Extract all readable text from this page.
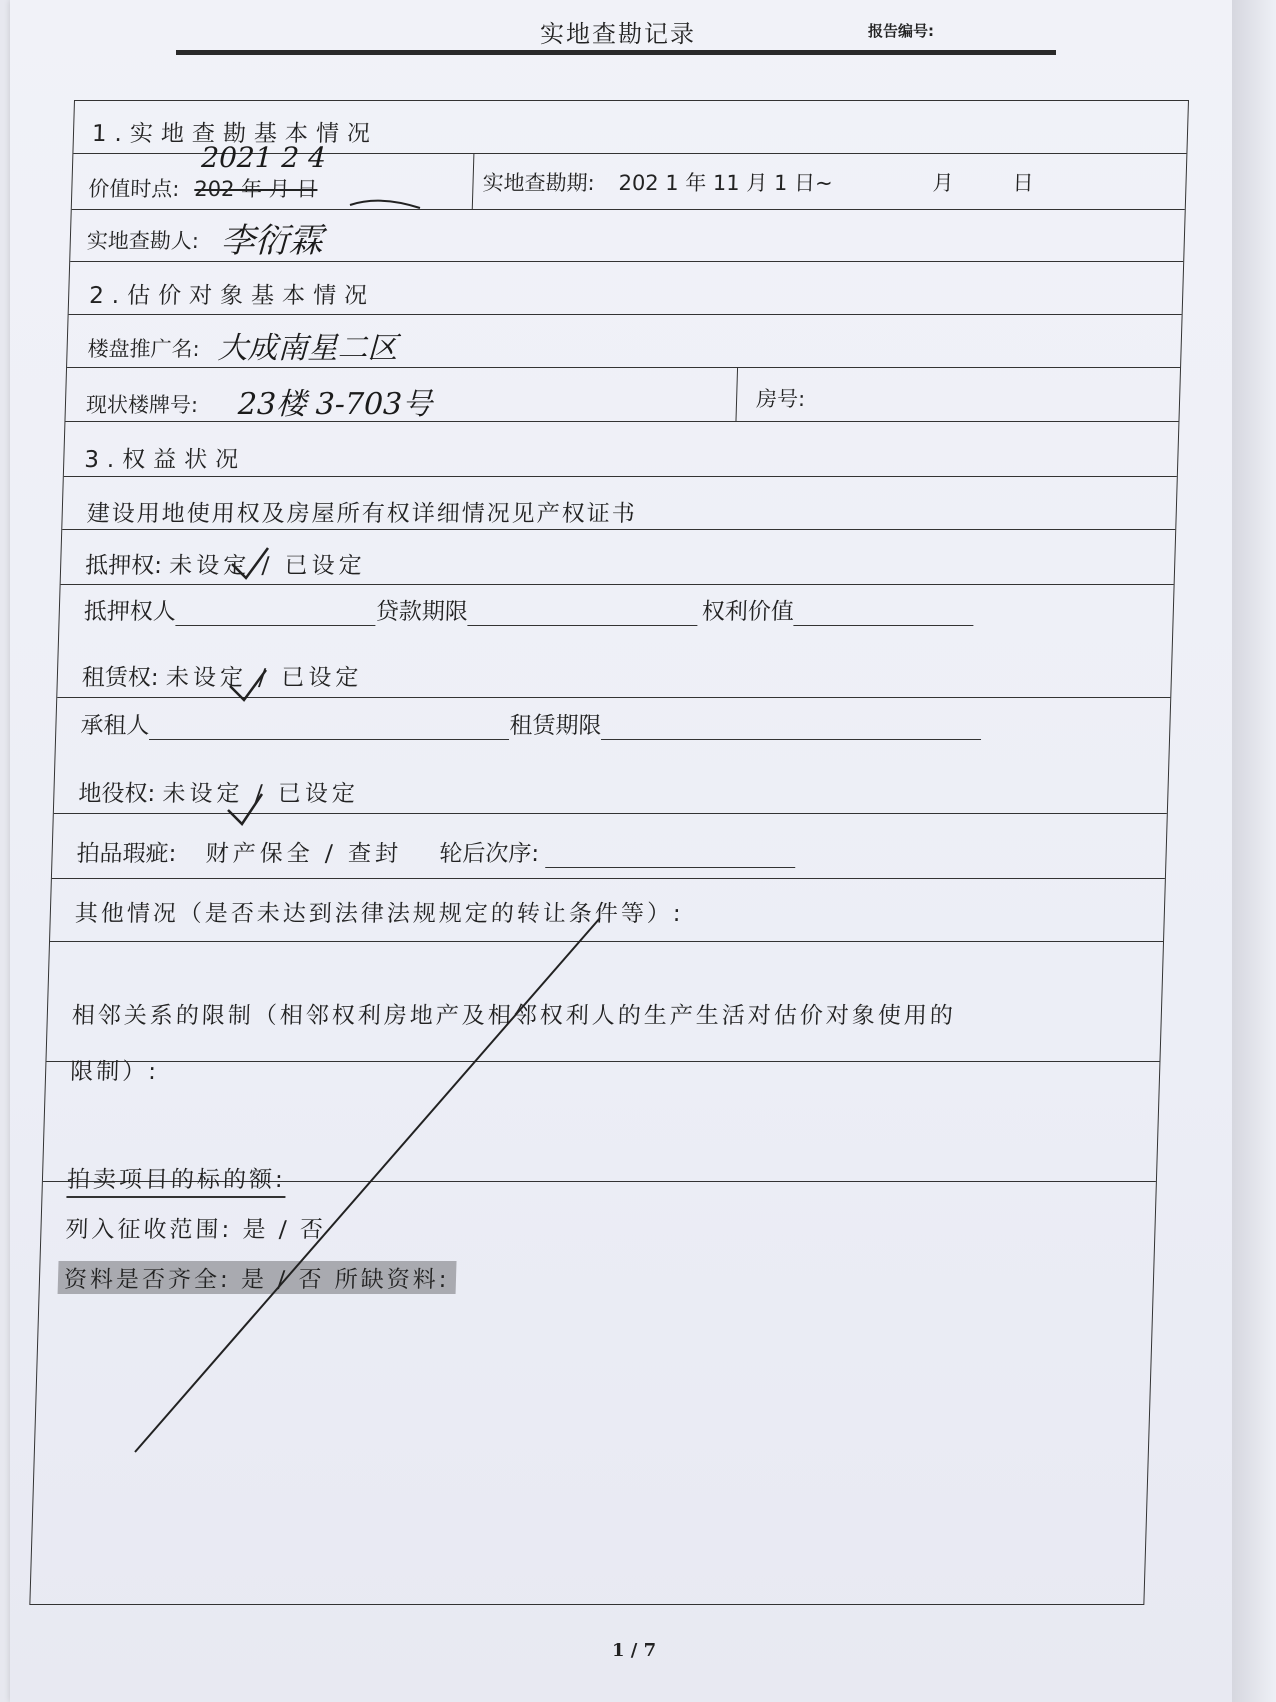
实地查勘记录	报告编号:
1.实地查勘基本情况
价值时点: 202 年 月 日
2021 2 4
实地查勘期: 202 1 年 11 月 1 日~	月	日
实地查勘人: 李衍霖
2.估价对象基本情况
楼盘推广名: 大成南星二区
现状楼牌号: 23楼 3-703号	房号:
3.权益状况
建设用地使用权及房屋所有权详细情况见产权证书
抵押权: 未设定 / 已设定
抵押权人	贷款期限	权利价值
租赁权: 未设定 / 已设定
承租人	租赁期限
地役权: 未设定 / 已设定
拍品瑕疵: 财产保全 / 查封 轮后次序:
其他情况（是否未达到法律法规规定的转让条件等）:
相邻关系的限制（相邻权利房地产及相邻权利人的生产生活对估价对象使用的
限制）:
拍卖项目的标的额:
列入征收范围: 是 / 否
资料是否齐全: 是 / 否 所缺资料:
1 / 7
